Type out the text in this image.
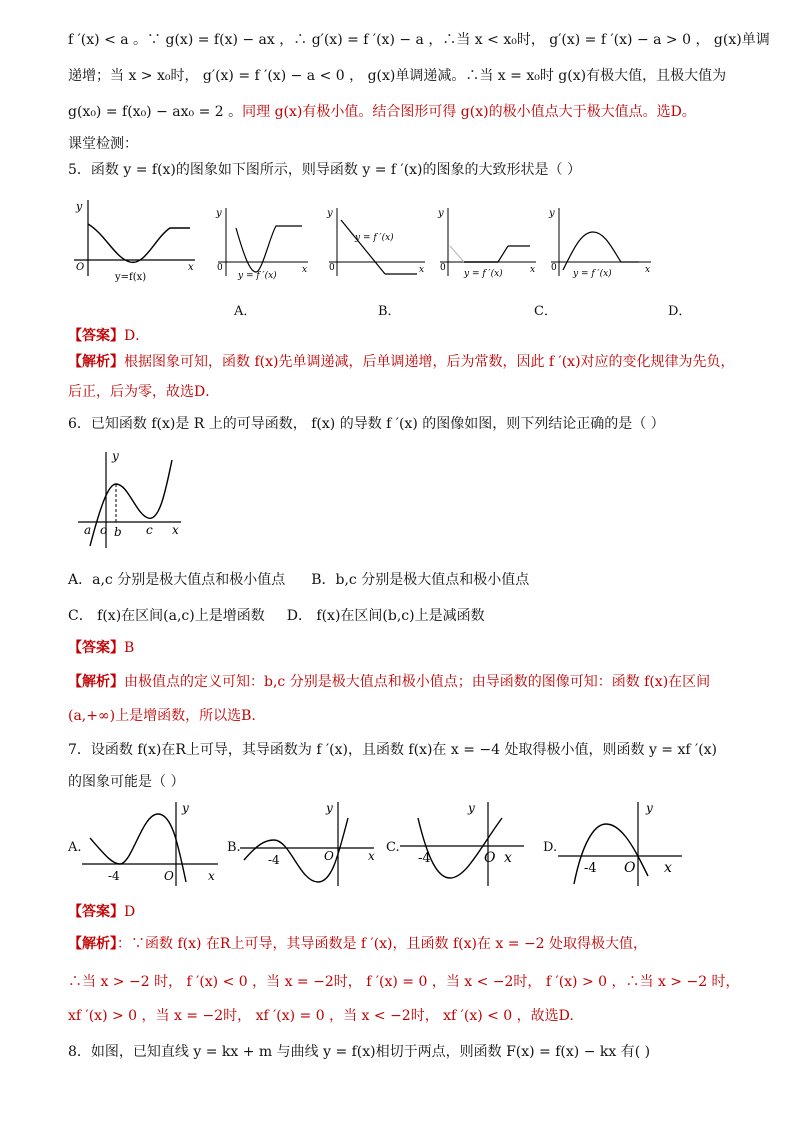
f ′(x) < a 。∵ g(x) = f(x) − ax ，∴ g′(x) = f ′(x) − a ，∴当 x < x₀时， g′(x) = f ′(x) − a > 0 ， g(x)单调
递增；当 x > x₀时， g′(x) = f ′(x) − a < 0 ， g(x)单调递减。∴当 x = x₀时 g(x)有极大值，且极大值为
g(x₀) = f(x₀) − ax₀ = 2 。同理 g(x)有极小值。结合图形可得 g(x)的极小值点大于极大值点。选D。
课堂检测：
5．函数 y = f(x)的图象如下图所示，则导函数 y = f ′(x)的图象的大致形状是（ ）
y
O	x
y=f(x)
y
0	x
y = f ′(x)
y
0	x
y = f ′(x)
y
0	x
y = f ′(x)
y
0	x
y = f ′(x)
A．	B．	C．	D．
【答案】D．
【解析】根据图象可知，函数 f(x)先单调递减，后单调递增，后为常数，因此 f ′(x)对应的变化规律为先负，
后正，后为零，故选D．
6．已知函数 f(x)是 R 上的可导函数， f(x) 的导数 f ′(x) 的图像如图，则下列结论正确的是（ ）
y
a o b c x
A．a,c 分别是极大值点和极小值点 B．b,c 分别是极大值点和极小值点
C． f(x)在区间(a,c)上是增函数 D． f(x)在区间(b,c)上是减函数
【答案】B
【解析】由极值点的定义可知：b,c 分别是极大值点和极小值点；由导函数的图像可知：函数 f(x)在区间
(a,+∞)上是增函数，所以选B.
7．设函数 f(x)在R上可导，其导函数为 f ′(x)，且函数 f(x)在 x = −4 处取得极小值，则函数 y = xf ′(x)
的图象可能是（ ）
A.
y
-4	O	x
B.
y
-4	O	x
C.
y
-4	O x
D.
y
-4 O x
【答案】D
【解析】：∵函数 f(x) 在R上可导，其导函数是 f ′(x)，且函数 f(x)在 x = −2 处取得极大值，
∴当 x > −2 时， f ′(x) < 0 ，当 x = −2时， f ′(x) = 0 ，当 x < −2时， f ′(x) > 0 ，∴当 x > −2 时，
xf ′(x) > 0 ，当 x = −2时， xf ′(x) = 0 ，当 x < −2时， xf ′(x) < 0 ，故选D.
8．如图，已知直线 y = kx + m 与曲线 y = f(x)相切于两点，则函数 F(x) = f(x) − kx 有( )
